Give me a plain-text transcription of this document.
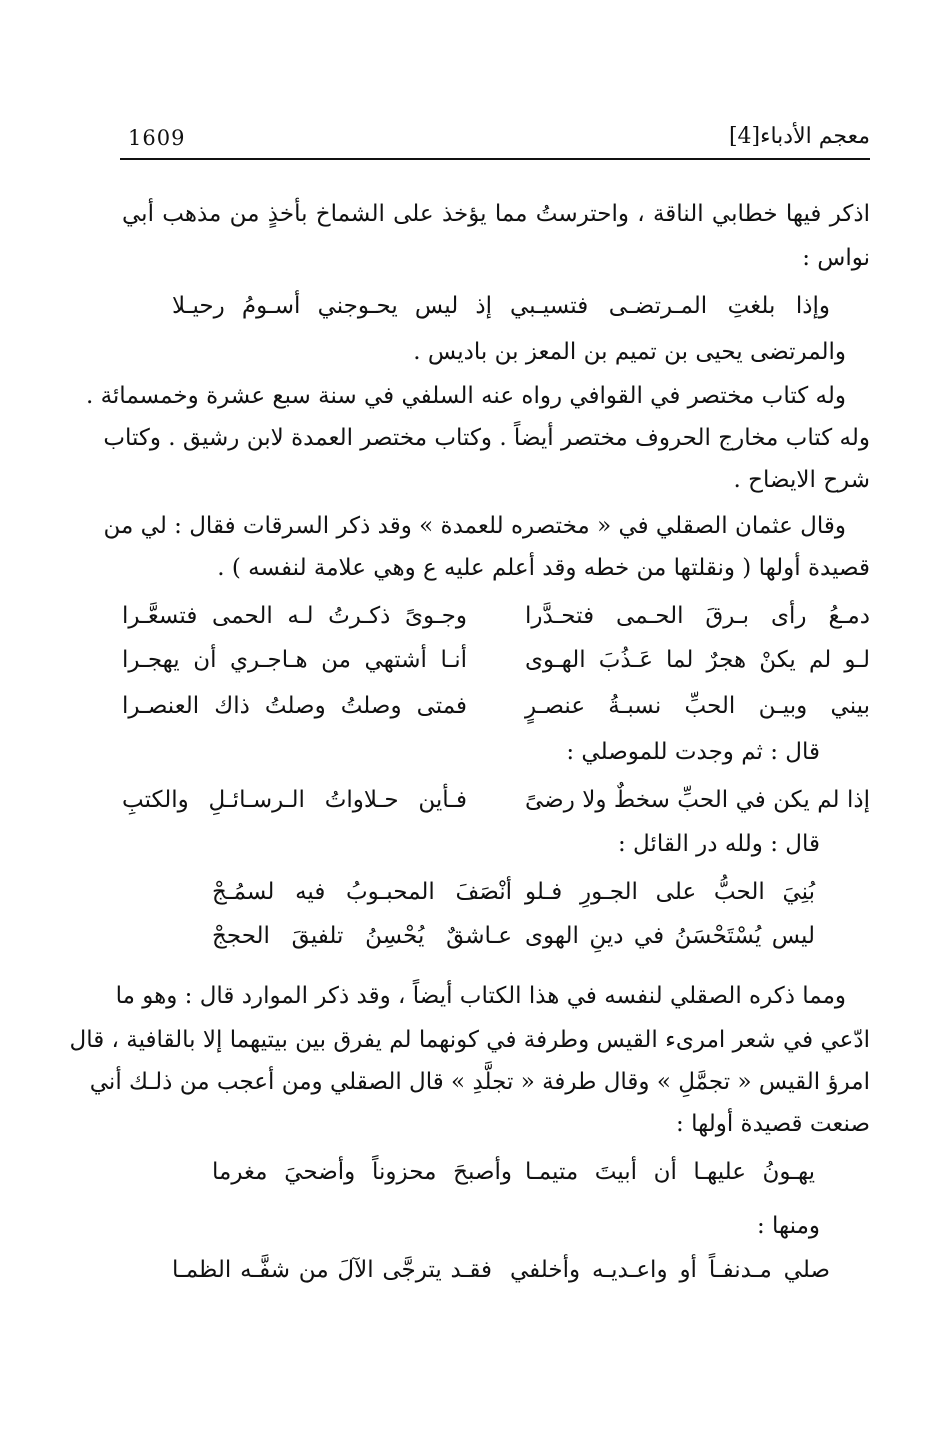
1609	معجم الأدباء[4]
اذكر فيها خطابي الناقة ، واحترستُ مما يؤخذ على الشماخ بأخذٍ من مذهب أبي
نواس :
وإذا بلغتِ المـرتضـى فتسيـبي
إذ ليس يحـوجني أسـومُ رحيـلا
والمرتضى يحيى بن تميم بن المعز بن باديس .
وله كتاب مختصر في القوافي رواه عنه السلفي في سنة سبع عشرة وخمسمائة .
وله كتاب مخارج الحروف مختصر أيضاً . وكتاب مختصر العمدة لابن رشيق . وكتاب
شرح الايضاح .
وقال عثمان الصقلي في « مختصره للعمدة » وقد ذكر السرقات فقال : لي من
قصيدة أولها ( ونقلتها من خطه وقد أعلم عليه ع وهي علامة لنفسه ) .
دمـعُ رأى بـرقَ الحـمى فتحـدَّرا
وجـوىً ذكـرتُ لـه الحمى فتسعَّـرا
لـو لم يكنْ هجرٌ لما عَـذُبَ الهـوى
أنـا أشتهي من هـاجـري أن يهجـرا
بيني وبيـن الحبِّ نسبـةُ عنصـرٍ
فمتى وصلتُ وصلتُ ذاك العنصـرا
قال : ثم وجدت للموصلي :
إذا لم يكن في الحبِّ سخطٌ ولا رضىً
فـأين حـلاواتُ الـرسـائـلِ والكتبِ
قال : ولله در القائل :
بُنِيَ الحبُّ على الجـورِ فـلو
أنْصَفَ المحبـوبُ فيه لسمُـجْ
ليس يُسْتَحْسَنُ في دينِ الهوى
عـاشقٌ يُحْسِنُ تلفيقَ الحججْ
ومما ذكره الصقلي لنفسه في هذا الكتاب أيضاً ، وقد ذكر الموارد قال : وهو ما
ادّعي في شعر امرىء القيس وطرفة في كونهما لم يفرق بين بيتيهما إلا بالقافية ، قال
امرؤ القيس « تجمَّلِ » وقال طرفة « تجلَّدِ » قال الصقلي ومن أعجب من ذلـك أني
صنعت قصيدة أولها :
يهـونُ عليهـا أن أبيتَ متيمـا
وأصبحَ محزوناً وأضحيَ مغرما
ومنها :
صلي مـدنفـاً أو واعـديـه وأخلفي
فقـد يترجَّى الآلَ من شفَّـه الظمـا
